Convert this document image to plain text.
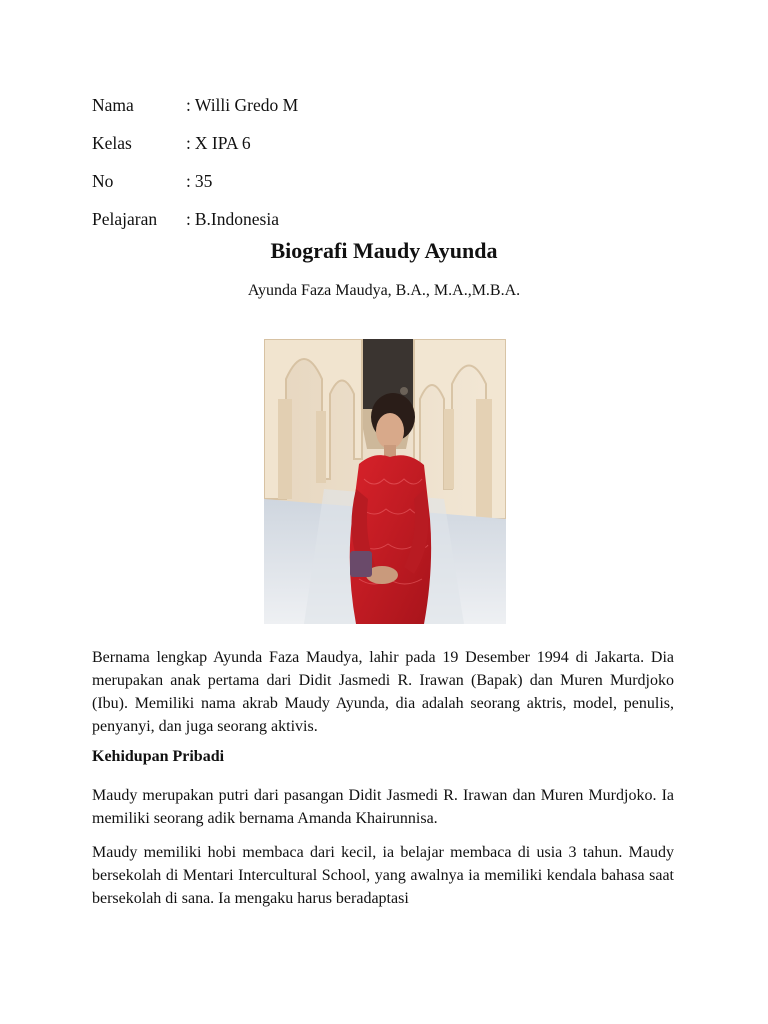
Nama	: Willi Gredo M
Kelas	: X IPA 6
No	: 35
Pelajaran	: B.Indonesia
Biografi Maudy Ayunda
Ayunda Faza Maudya, B.A., M.A.,M.B.A.
Bernama lengkap Ayunda Faza Maudya, lahir pada 19 Desember 1994 di Jakarta. Dia merupakan anak pertama dari Didit Jasmedi R. Irawan (Bapak) dan Muren Murdjoko (Ibu). Memiliki nama akrab Maudy Ayunda, dia adalah seorang aktris, model, penulis, penyanyi, dan juga seorang aktivis.
Kehidupan Pribadi
Maudy merupakan putri dari pasangan Didit Jasmedi R. Irawan dan Muren Murdjoko. Ia memiliki seorang adik bernama Amanda Khairunnisa.
Maudy memiliki hobi membaca dari kecil, ia belajar membaca di usia 3 tahun. Maudy bersekolah di Mentari Intercultural School, yang awalnya ia memiliki kendala bahasa saat bersekolah di sana. Ia mengaku harus beradaptasi
